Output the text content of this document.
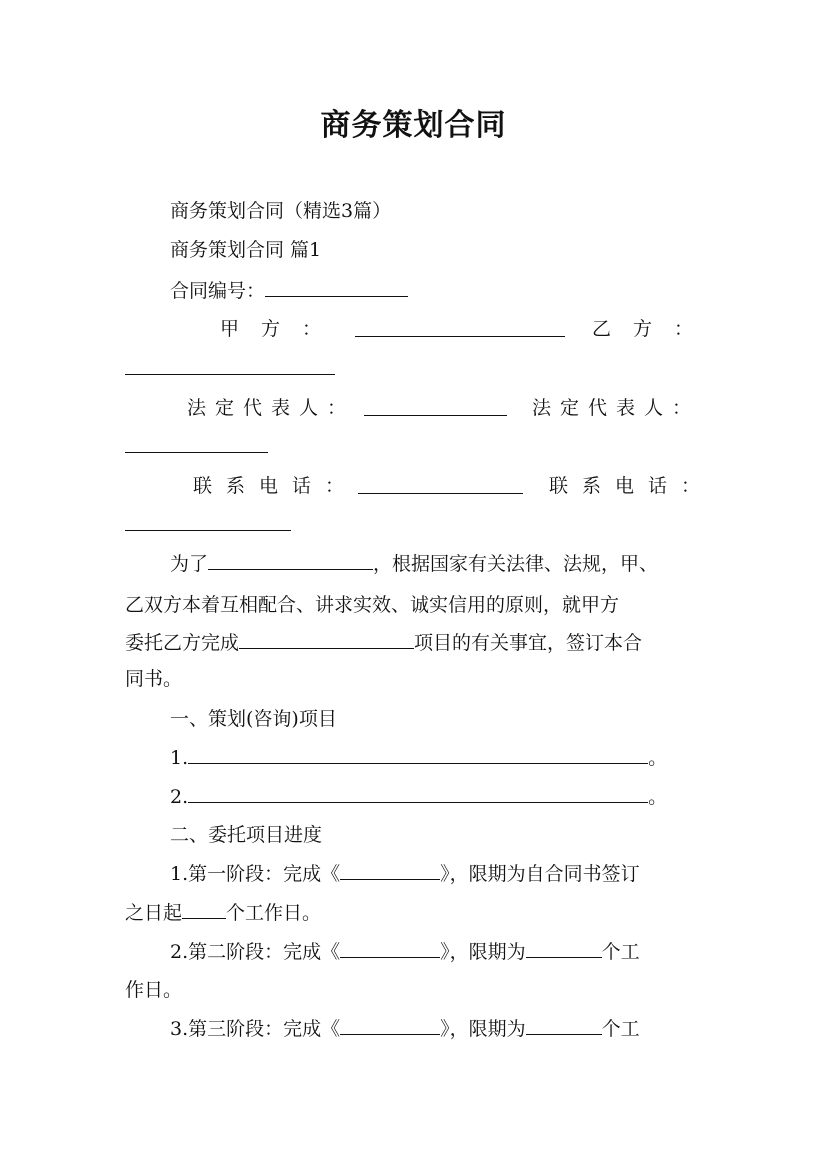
商务策划合同
商务策划合同（精选3篇）
商务策划合同 篇1
合同编号：
甲方：	乙方：
法定代表人：	法定代表人：
联系电话：	联系电话：
为了	，根据国家有关法律、法规，甲、
乙双方本着互相配合、讲求实效、诚实信用的原则，就甲方
委托乙方完成	项目的有关事宜，签订本合
同书。
一、策划(咨询)项目
1.	。
2.	。
二、委托项目进度
1.第一阶段：完成《	》，限期为自合同书签订
之日起 个工作日。
2.第二阶段：完成《	》，限期为	个工
作日。
3.第三阶段：完成《	》，限期为	个工
